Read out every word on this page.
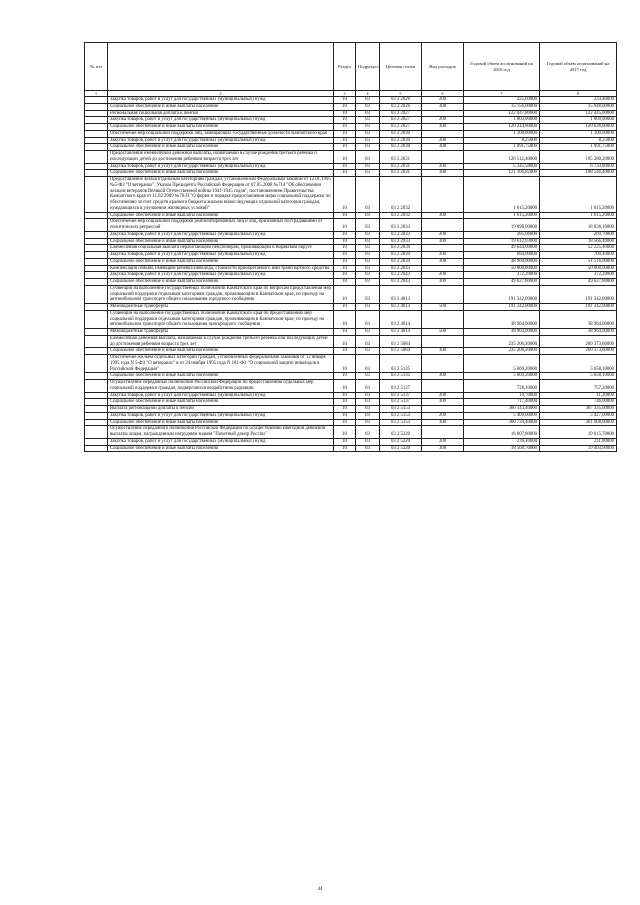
№ п/п		Раздел	Подраздел	Целевая статья	Вид расходов	Годовой объем ассигнований на 2016 год	Годовой объем ассигнований на 2017 год
1	2	3	4	5	6	7	8
	Закупка товаров, работ и услуг для государственных (муниципальных) нужд	10	03	03 2 2026	200	225,60000	233,40000
	Социальное обеспечение и иные выплаты населению	10	03	03 2 2026	300	15 156,00000	15 948,00000
	Региональная социальная доплата к пенсии	10	03	03 2 2027		122 047,80000	122 445,00000
	Закупка товаров, работ и услуг для государственных (муниципальных) нужд	10	03	03 2 2027	200	1 803,00000	1 809,00000
	Социальное обеспечение и иные выплаты населению	10	03	03 2 2027	300	120 244,80000	120 636,00000
	Обеспечение мер социальной поддержки лиц, замещающих государственные должности Камчатского края	10	03	03 2 2030		1 100,00000	1 100,00000
	Закупка товаров, работ и услуг для государственных (муниципальных) нужд	10	03	03 2 2030	200	8,25000	8,25000
	Социальное обеспечение и иные выплаты населению	10	03	03 2 2030	300	1 091,75000	1 091,75000
	Предоставление ежемесячной денежной выплаты, назначаемой в случае рождения третьего ребенка и последующих детей до достижения ребенком возраста трех лет	10	03	03 2 2031		126 512,40000	195 280,20000
	Закупка товаров, работ и услуг для государственных (муниципальных) нужд	10	03	03 2 2031	200	5 345,58000	6 733,80000
	Социальное обеспечение и иные выплаты населению	10	03	03 2 2031	300	121 166,82000	188 546,40000
	Предоставление жилья отдельным категориям граждан, установленным Федеральным законом от 12.01.1995 №5-ФЗ "О ветеранах", Указом Президента Российской Федерации от 07.05.2008 №714 "Об обеспечении жильем ветеранов Великой Отечественной войны 1941-1945 годов", постановлением Правительства Камчатского края от 11.02.2009 №70-П "О форме и порядке предоставления меры социальной поддержки по обеспечению за счет средств краевого бюджета жильем нижеследующих отдельной категории граждан, нуждающихся в улучшении жилищных условий"	10	03	03 2 2032		1 615,20000	1 615,20000
	Социальное обеспечение и иные выплаты населению	10	03	03 2 2032	300	1 615,20000	1 615,20000
	Обеспечение мер социальной поддержки реабилитированных лиц и лиц, признанных пострадавшими от политических репрессий	10	03	03 2 2033		19 898,00000	18 836,10000
	Закупка товаров, работ и услуг для государственных (муниципальных) нужд	10	03	03 2 2033	200	285,06000	269,70000
	Социальное обеспечение и иные выплаты населению	10	03	03 2 2033	300	19 612,93000	18 566,40000
	Ежемесячная социальная выплата неработающим пенсионерам, проживающим в Корякском округе	10	03	03 2 2039		49 644,00000	52 225,40000
	Закупка товаров, работ и услуг для государственных (муниципальных) нужд	10	03	03 2 2039	200	684,00000	709,40000
	Социальное обеспечение и иные выплаты населению	10	03	03 2 2039	300	48 960,00000	51 516,00000
	Компенсация семьям, имеющим ребенка-инвалида, стоимости приобретаемого ими транспортного средства	10	03	03 2 2043		50 000,00000	50 000,00000
	Закупка товаров, работ и услуг для государственных (муниципальных) нужд	10	03	03 2 2043	200	372,20000	372,20000
	Социальное обеспечение и иные выплаты населению	10	03	03 2 2043	300	49 627,80000	49 627,80000
	Субвенции на выполнение государственных полномочий Камчатского края по вопросам предоставления мер социальной поддержки отдельным категориям граждан, проживающим в Камчатском крае, по проезду на автомобильном транспорте общего пользования городского сообщения	10	03	03 2 4013		191 342,00000	191 342,00000
	Межбюджетные трансферты	10	03	03 2 4013	500	191 342,00000	191 342,00000
	Субвенции на выполнение государственных полномочий Камчатского края по предоставлению мер социальной поддержки отдельным категориям граждан, проживающим в Камчатском крае, по проезду на автомобильном транспорте общего пользования пригородного сообщения	10	03	03 2 4014		38 964,00000	38 964,00000
	Межбюджетные трансферты	10	03	03 2 4014	500	38 964,00000	38 964,00000
	Ежемесячная денежная выплата, назначаемая в случае рождения третьего ребенка или последующих детей до достижения ребенком возраста трех лет	10	03	03 2 5084		235 206,20000	260 373,60000
	Социальное обеспечение и иные выплаты населению	10	03	03 2 5084	300	235 206,20000	260 373,60000
	Обеспечение жильем отдельных категорий граждан, установленных федеральными законами от 12 января 1995 года N 5-ФЗ "О ветеранах" и от 24 ноября 1995 года N 181-ФЗ "О социальной защите инвалидов в Российской Федерации"	10	03	03 2 5135		5 669,20000	5 658,10000
	Социальное обеспечение и иные выплаты населению	10	03	03 2 5135	300	5 669,20000	5 658,10000
	Осуществление переданных полномочий Российской Федерации по предоставлению отдельных мер социальной поддержки граждан, подвергшихся воздействию радиации	10	03	03 2 5137		728,10000	757,20000
	Закупка товаров, работ и услуг для государственных (муниципальных) нужд	10	03	03 2 5137	200	10,70000	11,20000
	Социальное обеспечение и иные выплаты населению	10	03	03 2 5137	300	717,40000	746,00000
	Выплата региональной доплаты к пенсии	10	03	03 2 5153		366 143,40000	367 335,00000
	Закупка товаров, работ и услуг для государственных (муниципальных) нужд	10	03	03 2 5153	200	5 409,00000	5 427,00000
	Социальное обеспечение и иные выплаты населению	10	03	03 2 5153	300	360 734,40000	361 908,00000
	Осуществление переданного полномочия Российской Федерации по осуществлению ежегодной денежной выплаты лицам, награжденным нагрудным знаком "Почетный донор России"	10	03	03 2 5220		18 807,80000	19 615,70000
	Закупка товаров, работ и услуг для государственных (муниципальных) нужд	10	03	03 2 5220	200	239,10000	211,80000
	Социальное обеспечение и иные выплаты населению	10	03	03 2 5220	300	18 568,70000	19 403,90000
44
